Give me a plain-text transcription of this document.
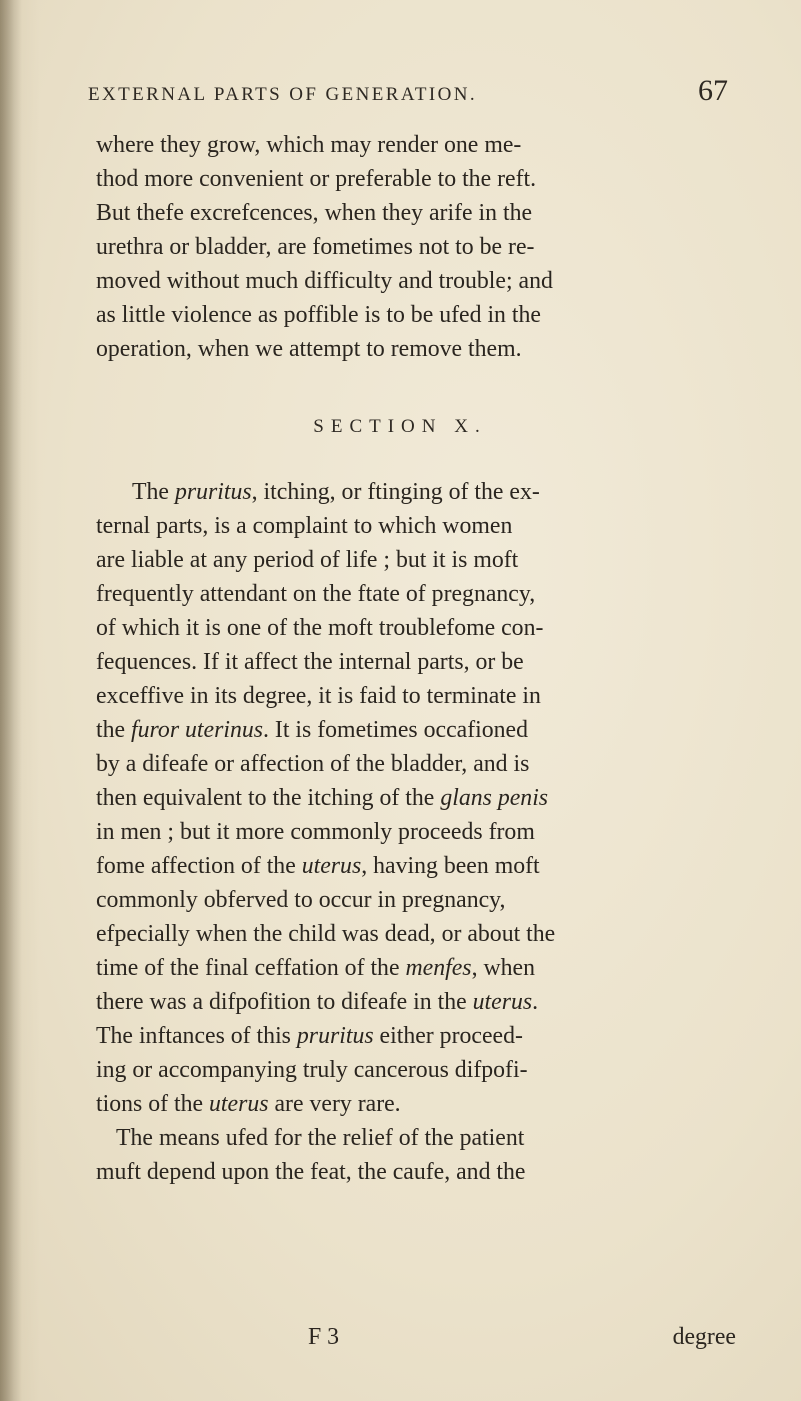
EXTERNAL PARTS OF GENERATION.	67
where they grow, which may render one me-
thod more convenient or preferable to the reft.
But thefe excrefcences, when they arife in the
urethra or bladder, are fometimes not to be re-
moved without much difficulty and trouble; and
as little violence as poffible is to be ufed in the
operation, when we attempt to remove them.
SECTION X.
The pruritus, itching, or ftinging of the ex-
ternal parts, is a complaint to which women
are liable at any period of life ; but it is moft
frequently attendant on the ftate of pregnancy,
of which it is one of the moft troublefome con-
fequences. If it affect the internal parts, or be
exceffive in its degree, it is faid to terminate in
the furor uterinus. It is fometimes occafioned
by a difeafe or affection of the bladder, and is
then equivalent to the itching of the glans penis
in men ; but it more commonly proceeds from
fome affection of the uterus, having been moft
commonly obferved to occur in pregnancy,
efpecially when the child was dead, or about the
time of the final ceffation of the menfes, when
there was a difpofition to difeafe in the uterus.
The inftances of this pruritus either proceed-
ing or accompanying truly cancerous difpofi-
tions of the uterus are very rare.
The means ufed for the relief of the patient
muft depend upon the feat, the caufe, and the
F 3	degree
